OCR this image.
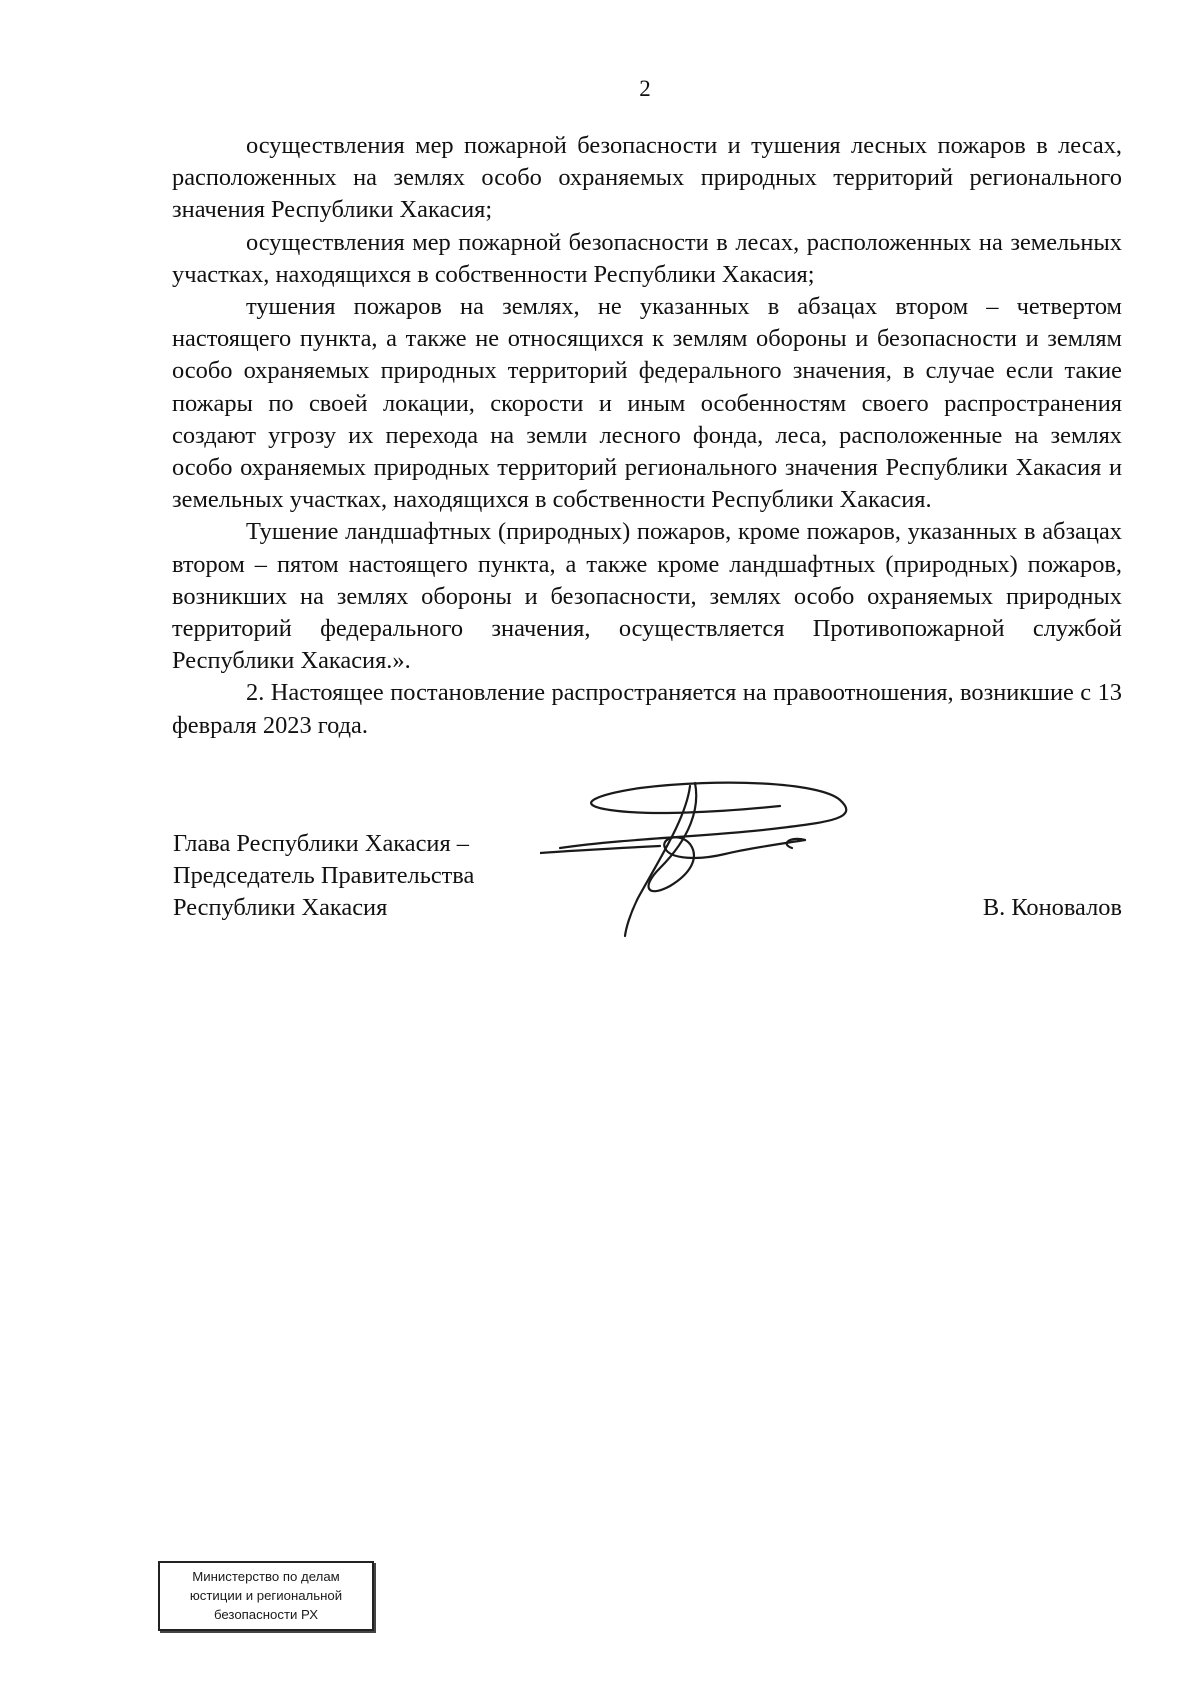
2

осуществления мер пожарной безопасности и тушения лесных пожаров в лесах, расположенных на землях особо охраняемых природных территорий регионального значения Республики Хакасия;

осуществления мер пожарной безопасности в лесах, расположенных на земельных участках, находящихся в собственности Республики Хакасия;

тушения пожаров на землях, не указанных в абзацах втором – четвертом настоящего пункта, а также не относящихся к землям обороны и безопасности и землям особо охраняемых природных территорий федерального значения, в случае если такие пожары по своей локации, скорости и иным особенностям своего распространения создают угрозу их перехода на земли лесного фонда, леса, расположенные на землях особо охраняемых природных территорий регионального значения Республики Хакасия и земельных участках, находящихся в собственности Республики Хакасия.

Тушение ландшафтных (природных) пожаров, кроме пожаров, указанных в абзацах втором – пятом настоящего пункта, а также кроме ландшафтных (природных) пожаров, возникших на землях обороны и безопасности, землях особо охраняемых природных территорий федерального значения, осуществляется Противопожарной службой Республики Хакасия.».

2. Настоящее постановление распространяется на правоотношения, возникшие с 13 февраля 2023 года.

Глава Республики Хакасия –
Председатель Правительства
Республики Хакасия	В. Коновалов
Министерство по делам
юстиции и региональной
безопасности РХ
